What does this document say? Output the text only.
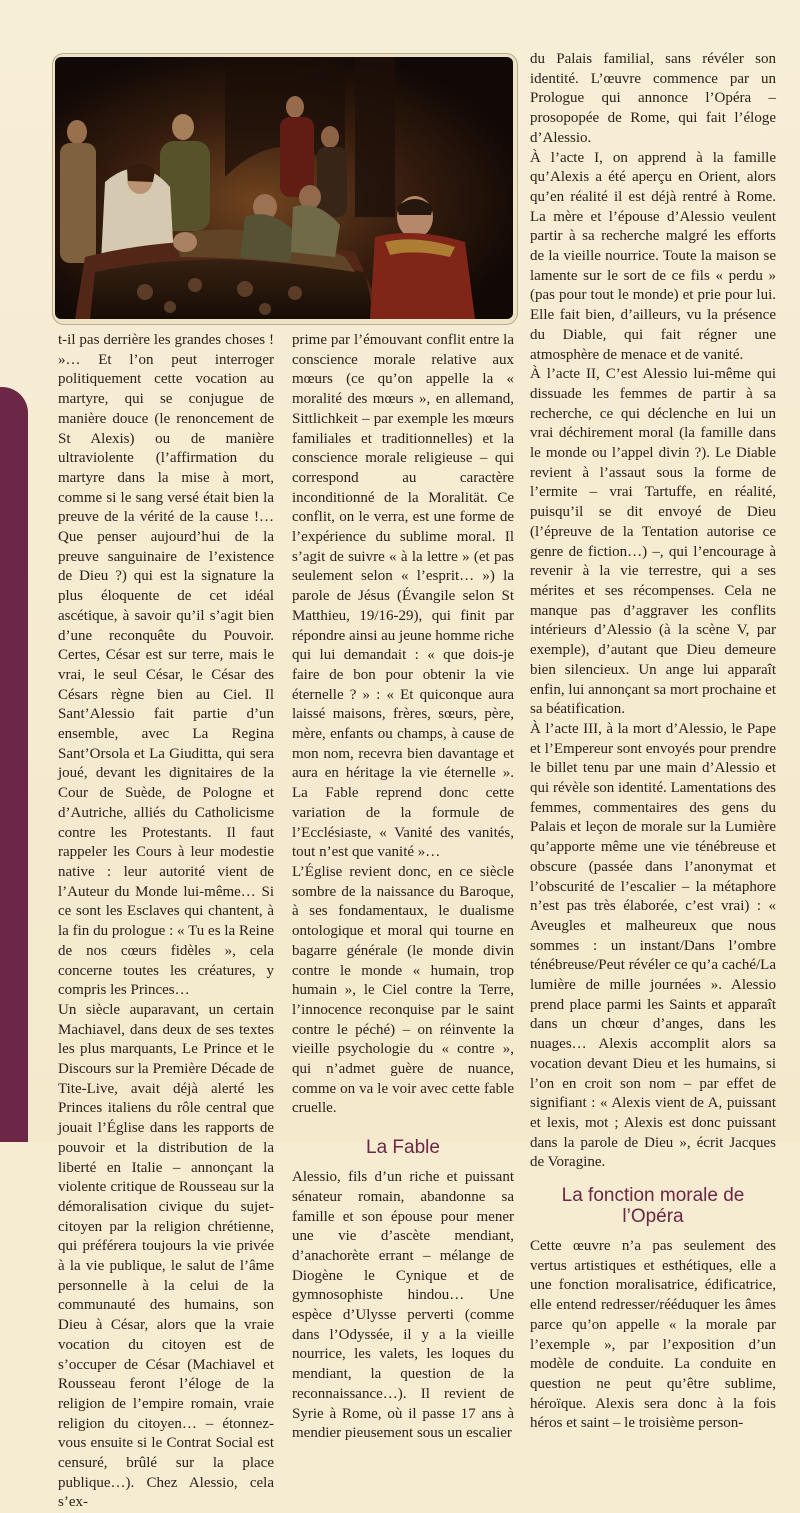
t-il pas derrière les grandes choses ! »… Et l’on peut interroger politiquement cette vocation au martyre, qui se conjugue de manière douce (le renoncement de St Alexis) ou de manière ultraviolente (l’affirmation du martyre dans la mise à mort, comme si le sang versé était bien la preuve de la vérité de la cause !… Que penser aujourd’hui de la preuve sanguinaire de l’existence de Dieu ?) qui est la signature la plus éloquente de cet idéal ascétique, à savoir qu’il s’agit bien d’une reconquête du Pouvoir. Certes, César est sur terre, mais le vrai, le seul César, le César des Césars règne bien au Ciel. Il Sant’Alessio fait partie d’un ensemble, avec La Regina Sant’Orsola et La Giuditta, qui sera joué, devant les dignitaires de la Cour de Suède, de Pologne et d’Autriche, alliés du Catholicisme contre les Protestants. Il faut rappeler les Cours à leur modestie native : leur autorité vient de l’Auteur du Monde lui-même… Si ce sont les Esclaves qui chantent, à la fin du prologue : « Tu es la Reine de nos cœurs fidèles », cela concerne toutes les créatures, y compris les Princes…

Un siècle auparavant, un certain Machiavel, dans deux de ses textes les plus marquants, Le Prince et le Discours sur la Première Décade de Tite-Live, avait déjà alerté les Princes italiens du rôle central que jouait l’Église dans les rapports de pouvoir et la distribution de la liberté en Italie – annonçant la violente critique de Rousseau sur la démoralisation civique du sujet-citoyen par la religion chrétienne, qui préférera toujours la vie privée à la vie publique, le salut de l’âme personnelle à la celui de la communauté des humains, son Dieu à César, alors que la vraie vocation du citoyen est de s’occuper de César (Machiavel et Rousseau feront l’éloge de la religion de l’empire romain, vraie religion du citoyen… – étonnez-vous ensuite si le Contrat Social est censuré, brûlé sur la place publique…). Chez Alessio, cela s’ex-

prime par l’émouvant conflit entre la conscience morale relative aux mœurs (ce qu’on appelle la « moralité des mœurs », en allemand, Sittlichkeit – par exemple les mœurs familiales et traditionnelles) et la conscience morale religieuse – qui correspond au caractère inconditionné de la Moralität. Ce conflit, on le verra, est une forme de l’expérience du sublime moral. Il s’agit de suivre « à la lettre » (et pas seulement selon « l’esprit… ») la parole de Jésus (Évangile selon St Matthieu, 19/16-29), qui finit par répondre ainsi au jeune homme riche qui lui demandait : « que dois-je faire de bon pour obtenir la vie éternelle ? » : « Et quiconque aura laissé maisons, frères, sœurs, père, mère, enfants ou champs, à cause de mon nom, recevra bien davantage et aura en héritage la vie éternelle ». La Fable reprend donc cette variation de la formule de l’Ecclésiaste, « Vanité des vanités, tout n’est que vanité »…

L’Église revient donc, en ce siècle sombre de la naissance du Baroque, à ses fondamentaux, le dualisme ontologique et moral qui tourne en bagarre générale (le monde divin contre le monde « humain, trop humain », le Ciel contre la Terre, l’innocence reconquise par le saint contre le péché) – on réinvente la vieille psychologie du « contre », qui n’admet guère de nuance, comme on va le voir avec cette fable cruelle.

La Fable

Alessio, fils d’un riche et puissant sénateur romain, abandonne sa famille et son épouse pour mener une vie d’ascète mendiant, d’anachorète errant – mélange de Diogène le Cynique et de gymnosophiste hindou… Une espèce d’Ulysse perverti (comme dans l’Odyssée, il y a la vieille nourrice, les valets, les loques du mendiant, la question de la reconnaissance…). Il revient de Syrie à Rome, où il passe 17 ans à mendier pieusement sous un escalier

du Palais familial, sans révéler son identité. L’œuvre commence par un Prologue qui annonce l’Opéra – prosopopée de Rome, qui fait l’éloge d’Alessio.

À l’acte I, on apprend à la famille qu’Alexis a été aperçu en Orient, alors qu’en réalité il est déjà rentré à Rome. La mère et l’épouse d’Alessio veulent partir à sa recherche malgré les efforts de la vieille nourrice. Toute la maison se lamente sur le sort de ce fils « perdu » (pas pour tout le monde) et prie pour lui. Elle fait bien, d’ailleurs, vu la présence du Diable, qui fait régner une atmosphère de menace et de vanité.

À l’acte II, C’est Alessio lui-même qui dissuade les femmes de partir à sa recherche, ce qui déclenche en lui un vrai déchirement moral (la famille dans le monde ou l’appel divin ?). Le Diable revient à l’assaut sous la forme de l’ermite – vrai Tartuffe, en réalité, puisqu’il se dit envoyé de Dieu (l’épreuve de la Tentation autorise ce genre de fiction…) –, qui l’encourage à revenir à la vie terrestre, qui a ses mérites et ses récompenses. Cela ne manque pas d’aggraver les conflits intérieurs d’Alessio (à la scène V, par exemple), d’autant que Dieu demeure bien silencieux. Un ange lui apparaît enfin, lui annonçant sa mort prochaine et sa béatification.

À l’acte III, à la mort d’Alessio, le Pape et l’Empereur sont envoyés pour prendre le billet tenu par une main d’Alessio et qui révèle son identité. Lamentations des femmes, commentaires des gens du Palais et leçon de morale sur la Lumière qu’apporte même une vie ténébreuse et obscure (passée dans l’anonymat et l’obscurité de l’escalier – la métaphore n’est pas très élaborée, c’est vrai) : « Aveugles et malheureux que nous sommes : un instant/Dans l’ombre ténébreuse/Peut révéler ce qu’a caché/La lumière de mille journées ». Alessio prend place parmi les Saints et apparaît dans un chœur d’anges, dans les nuages… Alexis accomplit alors sa vocation devant Dieu et les humains, si l’on en croit son nom – par effet de signifiant : « Alexis vient de A, puissant et lexis, mot ; Alexis est donc puissant dans la parole de Dieu », écrit Jacques de Voragine.

La fonction morale de l’Opéra

Cette œuvre n’a pas seulement des vertus artistiques et esthétiques, elle a une fonction moralisatrice, édificatrice, elle entend redresser/rééduquer les âmes parce qu’on appelle « la morale par l’exemple », par l’exposition d’un modèle de conduite. La conduite en question ne peut qu’être sublime, héroïque. Alexis sera donc à la fois héros et saint – le troisième person-
